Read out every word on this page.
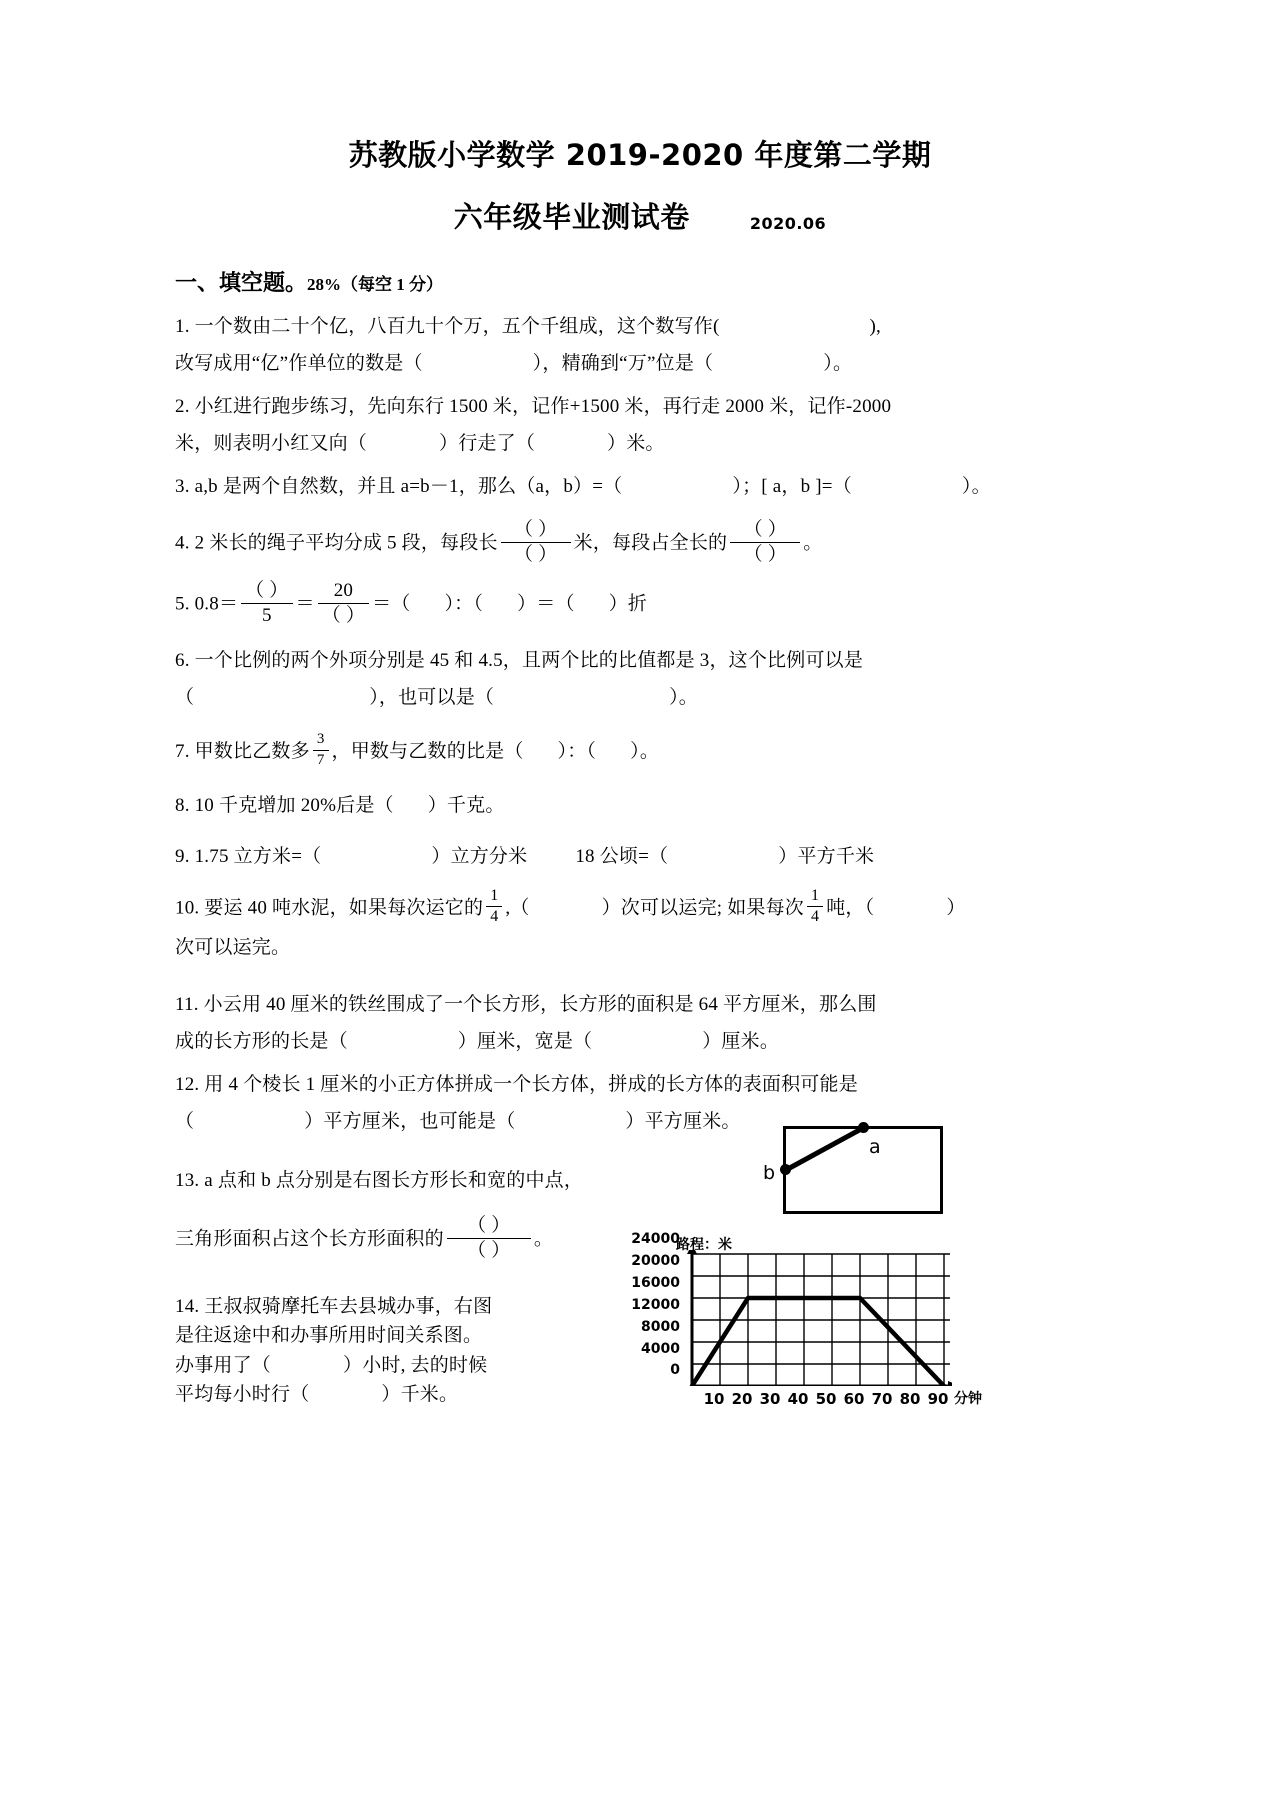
苏教版小学数学 2019-2020 年度第二学期
六年级毕业测试卷	2020.06
一、填空题。 28%（每空 1 分）
1. 一个数由二十个亿，八百九十个万，五个千组成，这个数写作(	),
改写成用“亿”作单位的数是（	），精确到“万”位是（	）。
2. 小红进行跑步练习，先向东行 1500 米，记作+1500 米，再行走 2000 米，记作-2000
米，则表明小红又向（	）行走了（	）米。
3. a,b 是两个自然数，并且 a=b－1，那么（a，b）=（	）；[ a，b ]=（	）。
4. 2 米长的绳子平均分成 5 段，每段长 $\frac{( )}{( )}$ 米，每段占全长的 $\frac{( )}{( )}$ 。
5. $0.8= \frac{( )}{5} = \frac{20}{( )}$ ＝（ ）：（ ）＝（ ）折
6. 一个比例的两个外项分别是 45 和 4.5，且两个比的比值都是 3，这个比例可以是
（	），也可以是（	）。
7. 甲数比乙数多 $\frac{3}{7}$ ，甲数与乙数的比是（ ）：（ ）。
8. 10 千克增加 20%后是（ ）千克。
9. 1.75 立方米=（	）立方分米	18 公顷=（	）平方千米
10. 要运 40 吨水泥，如果每次运它的 $\frac{1}{4}$ ,（	）次可以运完; 如果每次 $\frac{1}{4}$ 吨，（	）
次可以运完。
11. 小云用 40 厘米的铁丝围成了一个长方形，长方形的面积是 64 平方厘米，那么围
成的长方形的长是（	）厘米，宽是（	）厘米。
12. 用 4 个棱长 1 厘米的小正方体拼成一个长方体，拼成的长方体的表面积可能是
（	）平方厘米，也可能是（	）平方厘米。
13. a 点和 b 点分别是右图长方形长和宽的中点，
三角形面积占这个长方形面积的 $\frac{( )}{( )}$ 。
14. 王叔叔骑摩托车去县城办事，右图
是往返途中和办事所用时间关系图。
办事用了（	）小时, 去的时候
平均每小时行（	）千米。
b
a
路程：米
0
4000
8000
12000
16000
20000
24000
10 20 30 40 50 60 70 80 90 分钟
